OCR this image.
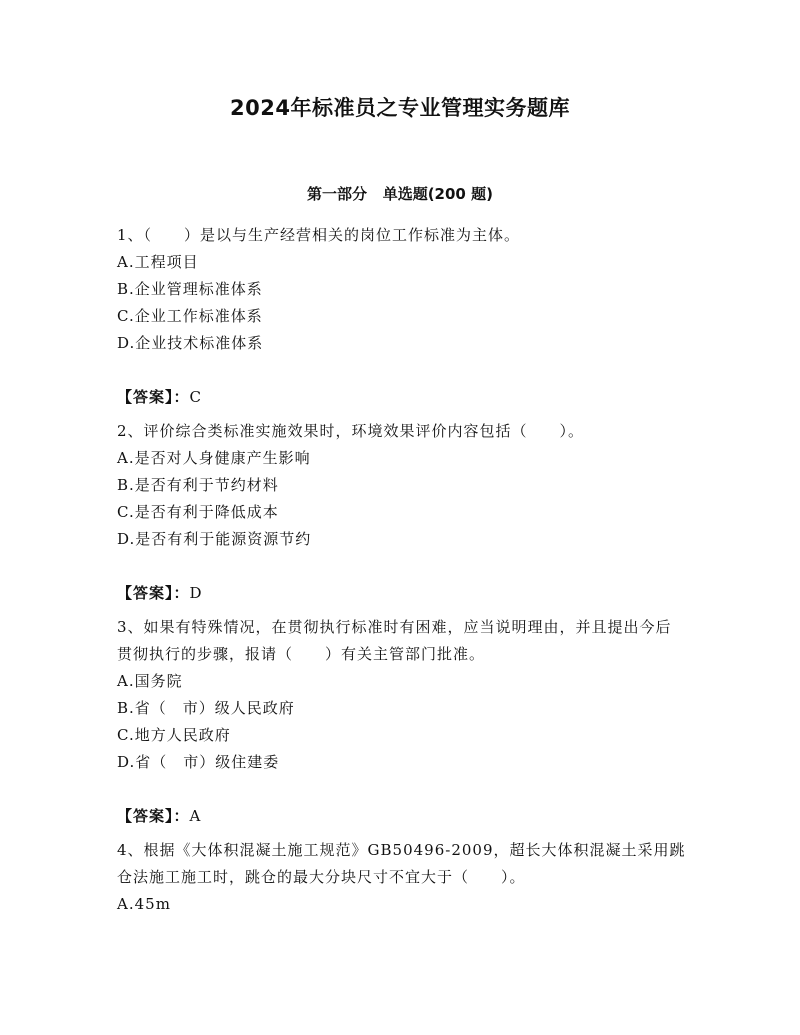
2024年标准员之专业管理实务题库
第一部分   单选题(200 题)

1、（　　）是以与生产经营相关的岗位工作标准为主体。

A.工程项目

B.企业管理标准体系

C.企业工作标准体系

D.企业技术标准体系

【答案】：C

2、评价综合类标准实施效果时，环境效果评价内容包括（　　）。

A.是否对人身健康产生影响

B.是否有利于节约材料

C.是否有利于降低成本

D.是否有利于能源资源节约

【答案】：D

3、如果有特殊情况，在贯彻执行标准时有困难，应当说明理由，并且提出今后贯彻执行的步骤，报请（　　）有关主管部门批准。

A.国务院

B.省（　市）级人民政府

C.地方人民政府

D.省（　市）级住建委

【答案】：A

4、根据《大体积混凝土施工规范》GB50496-2009，超长大体积混凝土采用跳仓法施工施工时，跳仓的最大分块尺寸不宜大于（　　）。

A.45m
